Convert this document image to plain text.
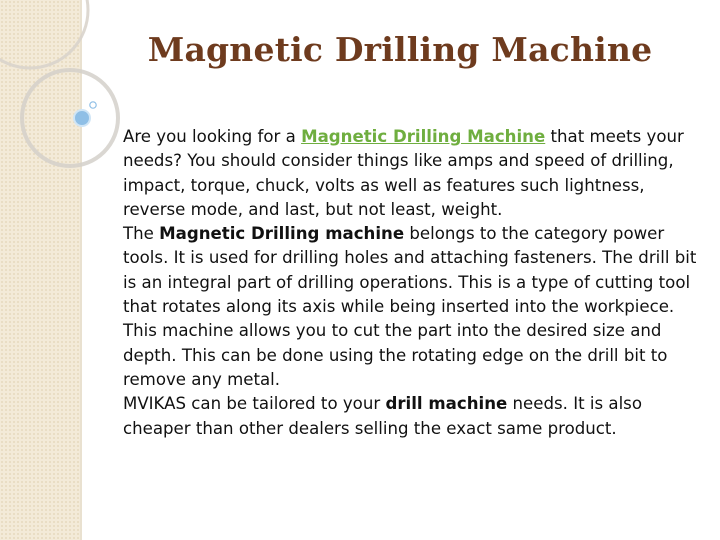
Magnetic Drilling Machine

Are you looking for a Magnetic Drilling Machine that meets your needs? You should consider things like amps and speed of drilling, impact, torque, chuck, volts as well as features such lightness, reverse mode, and last, but not least, weight.

The Magnetic Drilling machine belongs to the category power tools. It is used for drilling holes and attaching fasteners. The drill bit is an integral part of drilling operations. This is a type of cutting tool that rotates along its axis while being inserted into the workpiece. This machine allows you to cut the part into the desired size and depth. This can be done using the rotating edge on the drill bit to remove any metal.

MVIKAS can be tailored to your drill machine needs. It is also cheaper than other dealers selling the exact same product.
